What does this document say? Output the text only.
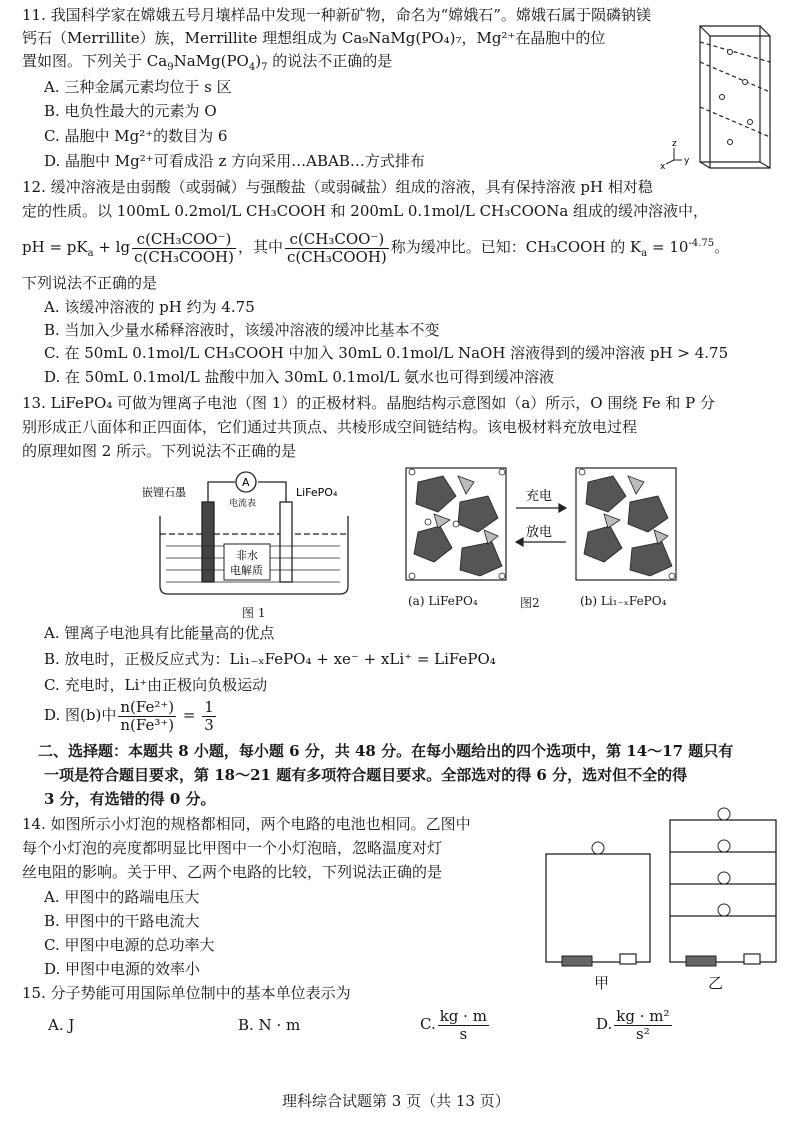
11. 我国科学家在嫦娥五号月壤样品中发现一种新矿物，命名为“嫦娥石”。嫦娥石属于陨磷钠镁
钙石（Merrillite）族，Merrillite 理想组成为 Ca₉NaMg(PO₄)₇，Mg²⁺在晶胞中的位
置如图。下列关于 $Ca_9NaMg(PO_4)_7$ 的说法不正确的是
A. 三种金属元素均位于 s 区
B. 电负性最大的元素为 O
C. 晶胞中 Mg²⁺的数目为 6
D. 晶胞中 Mg²⁺可看成沿 z 方向采用…ABAB…方式排布
z
x
y
12. 缓冲溶液是由弱酸（或弱碱）与强酸盐（或弱碱盐）组成的溶液，具有保持溶液 pH 相对稳
定的性质。以 100mL 0.2mol/L CH₃COOH 和 200mL 0.1mol/L CH₃COONa 组成的缓冲溶液中，
pH = $pK_a + \lg \frac{\text{c(CH₃COO⁻)}}{\text{c(CH₃COOH)}}$ ，其中 $\frac{\text{c(CH₃COO⁻)}}{\text{c(CH₃COOH)}}$ 称为缓冲比。已知：CH₃COOH 的 $K_a = 10^{-4.75}$。
下列说法不正确的是
A. 该缓冲溶液的 pH 约为 4.75
B. 当加入少量水稀释溶液时，该缓冲溶液的缓冲比基本不变
C. 在 50mL 0.1mol/L CH₃COOH 中加入 30mL 0.1mol/L NaOH 溶液得到的缓冲溶液 pH > 4.75
D. 在 50mL 0.1mol/L 盐酸中加入 30mL 0.1mol/L 氨水也可得到缓冲溶液
13. LiFePO₄ 可做为锂离子电池（图 1）的正极材料。晶胞结构示意图如（a）所示，O 围绕 Fe 和 P 分
别形成正八面体和正四面体，它们通过共顶点、共棱形成空间链结构。该电极材料充放电过程
的原理如图 2 所示。下列说法不正确的是
A
电流表
嵌锂石墨	LiFePO₄
非水
电解质
图 1
充电
放电
(a) LiFePO₄	图2	(b) Li₁₋ₓFePO₄
A. 锂离子电池具有比能量高的优点
B. 放电时，正极反应式为：Li₁₋ₓFePO₄ + xe⁻ + xLi⁺ = LiFePO₄
C. 充电时，Li⁺由正极向负极运动
D. 图(b)中 $\frac{\text{n(Fe²⁺)}}{\text{n(Fe³⁺)}} = \frac{1}{3}$
二、选择题：本题共 8 小题，每小题 6 分，共 48 分。在每小题给出的四个选项中，第 14～17 题只有
一项是符合题目要求，第 18～21 题有多项符合题目要求。全部选对的得 6 分，选对但不全的得
3 分，有选错的得 0 分。
14. 如图所示小灯泡的规格都相同，两个电路的电池也相同。乙图中
每个小灯泡的亮度都明显比甲图中一个小灯泡暗，忽略温度对灯
丝电阻的影响。关于甲、乙两个电路的比较，下列说法正确的是
A. 甲图中的路端电压大
B. 甲图中的干路电流大
C. 甲图中电源的总功率大
D. 甲图中电源的效率小
甲	乙
15. 分子势能可用国际单位制中的基本单位表示为
A. J	B. N · m	C. $\frac{kg \cdot m}{s}$	D. $\frac{\text{kg · m²}}{\text{s²}}$
理科综合试题第 3 页（共 13 页）
